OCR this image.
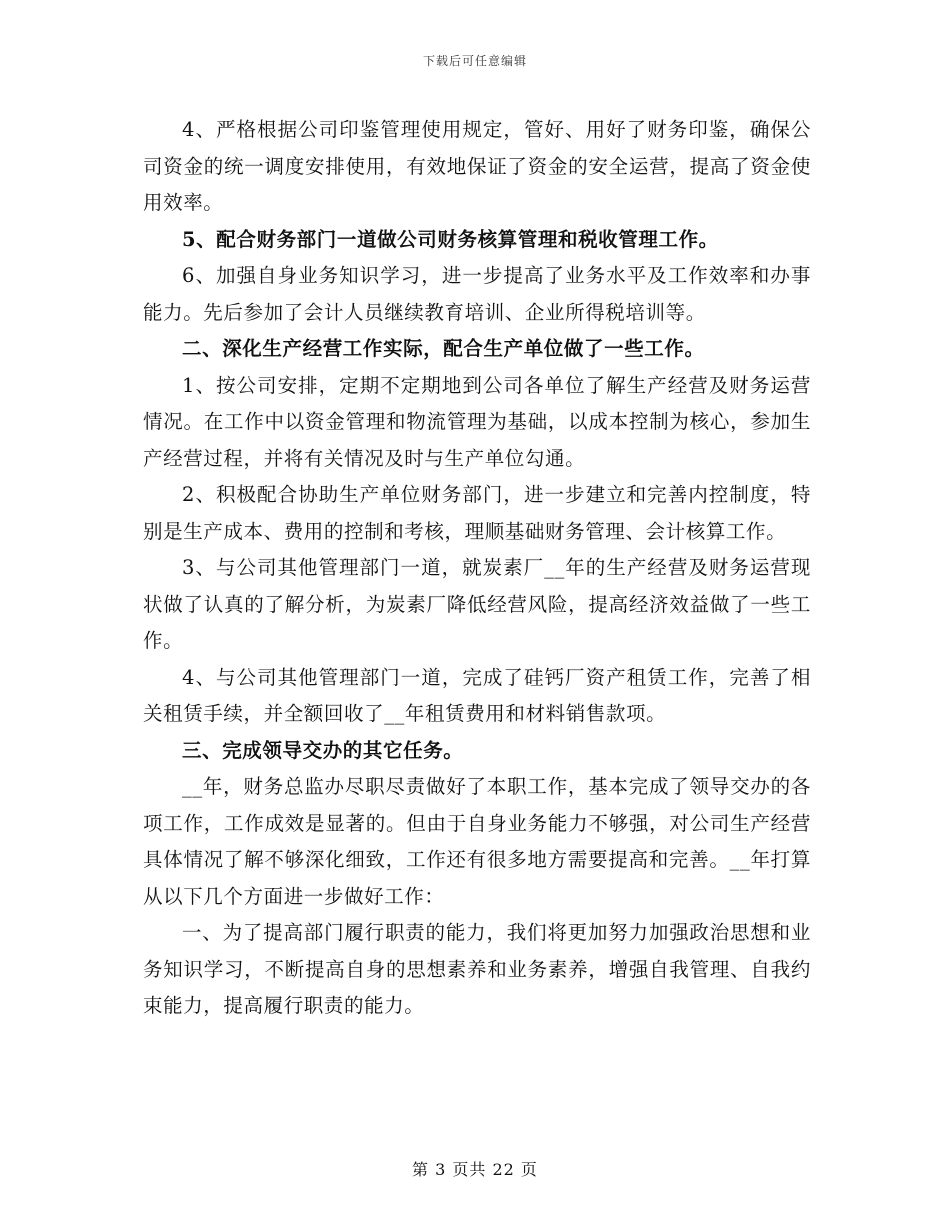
下载后可任意编辑

4、严格根据公司印鉴管理使用规定，管好、用好了财务印鉴，确保公司资金的统一调度安排使用，有效地保证了资金的安全运营，提高了资金使用效率。

5、配合财务部门一道做公司财务核算管理和税收管理工作。

6、加强自身业务知识学习，进一步提高了业务水平及工作效率和办事能力。先后参加了会计人员继续教育培训、企业所得税培训等。

二、深化生产经营工作实际，配合生产单位做了一些工作。

1、按公司安排，定期不定期地到公司各单位了解生产经营及财务运营情况。在工作中以资金管理和物流管理为基础，以成本控制为核心，参加生产经营过程，并将有关情况及时与生产单位勾通。

2、积极配合协助生产单位财务部门，进一步建立和完善内控制度，特别是生产成本、费用的控制和考核，理顺基础财务管理、会计核算工作。

3、与公司其他管理部门一道，就炭素厂__年的生产经营及财务运营现状做了认真的了解分析，为炭素厂降低经营风险，提高经济效益做了一些工作。

4、与公司其他管理部门一道，完成了硅钙厂资产租赁工作，完善了相关租赁手续，并全额回收了__年租赁费用和材料销售款项。

三、完成领导交办的其它任务。

__年，财务总监办尽职尽责做好了本职工作，基本完成了领导交办的各项工作，工作成效是显著的。但由于自身业务能力不够强，对公司生产经营具体情况了解不够深化细致，工作还有很多地方需要提高和完善。__年打算从以下几个方面进一步做好工作：

一、为了提高部门履行职责的能力，我们将更加努力加强政治思想和业务知识学习，不断提高自身的思想素养和业务素养，增强自我管理、自我约束能力，提高履行职责的能力。

第 3 页共 22 页
